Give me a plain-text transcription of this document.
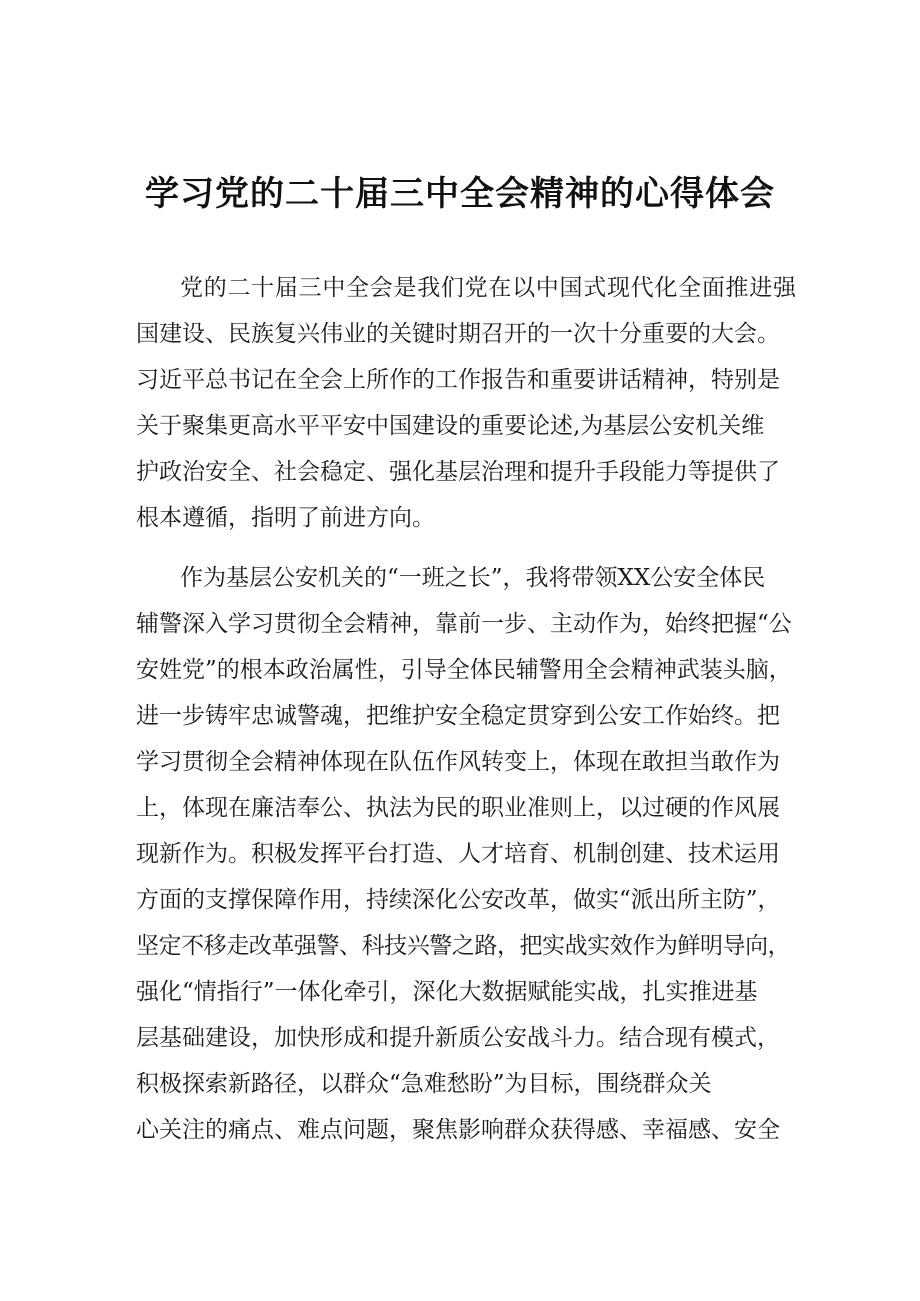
学习党的二十届三中全会精神的心得体会
党的二十届三中全会是我们党在以中国式现代化全面推进强
国建设、民族复兴伟业的关键时期召开的一次十分重要的大会。
习近平总书记在全会上所作的工作报告和重要讲话精神，特别是
关于聚集更高水平平安中国建设的重要论述,为基层公安机关维
护政治安全、社会稳定、强化基层治理和提升手段能力等提供了
根本遵循，指明了前进方向。
作为基层公安机关的“一班之长”，我将带领XX公安全体民
辅警深入学习贯彻全会精神，靠前一步、主动作为，始终把握“公
安姓党”的根本政治属性，引导全体民辅警用全会精神武装头脑，
进一步铸牢忠诚警魂，把维护安全稳定贯穿到公安工作始终。把
学习贯彻全会精神体现在队伍作风转变上，体现在敢担当敢作为
上，体现在廉洁奉公、执法为民的职业准则上，以过硬的作风展
现新作为。积极发挥平台打造、人才培育、机制创建、技术运用
方面的支撑保障作用，持续深化公安改革，做实“派出所主防”，
坚定不移走改革强警、科技兴警之路，把实战实效作为鲜明导向，
强化“情指行”一体化牵引，深化大数据赋能实战，扎实推进基
层基础建设，加快形成和提升新质公安战斗力。结合现有模式，
积极探索新路径，以群众“急难愁盼”为目标，围绕群众关
心关注的痛点、难点问题，聚焦影响群众获得感、幸福感、安全
